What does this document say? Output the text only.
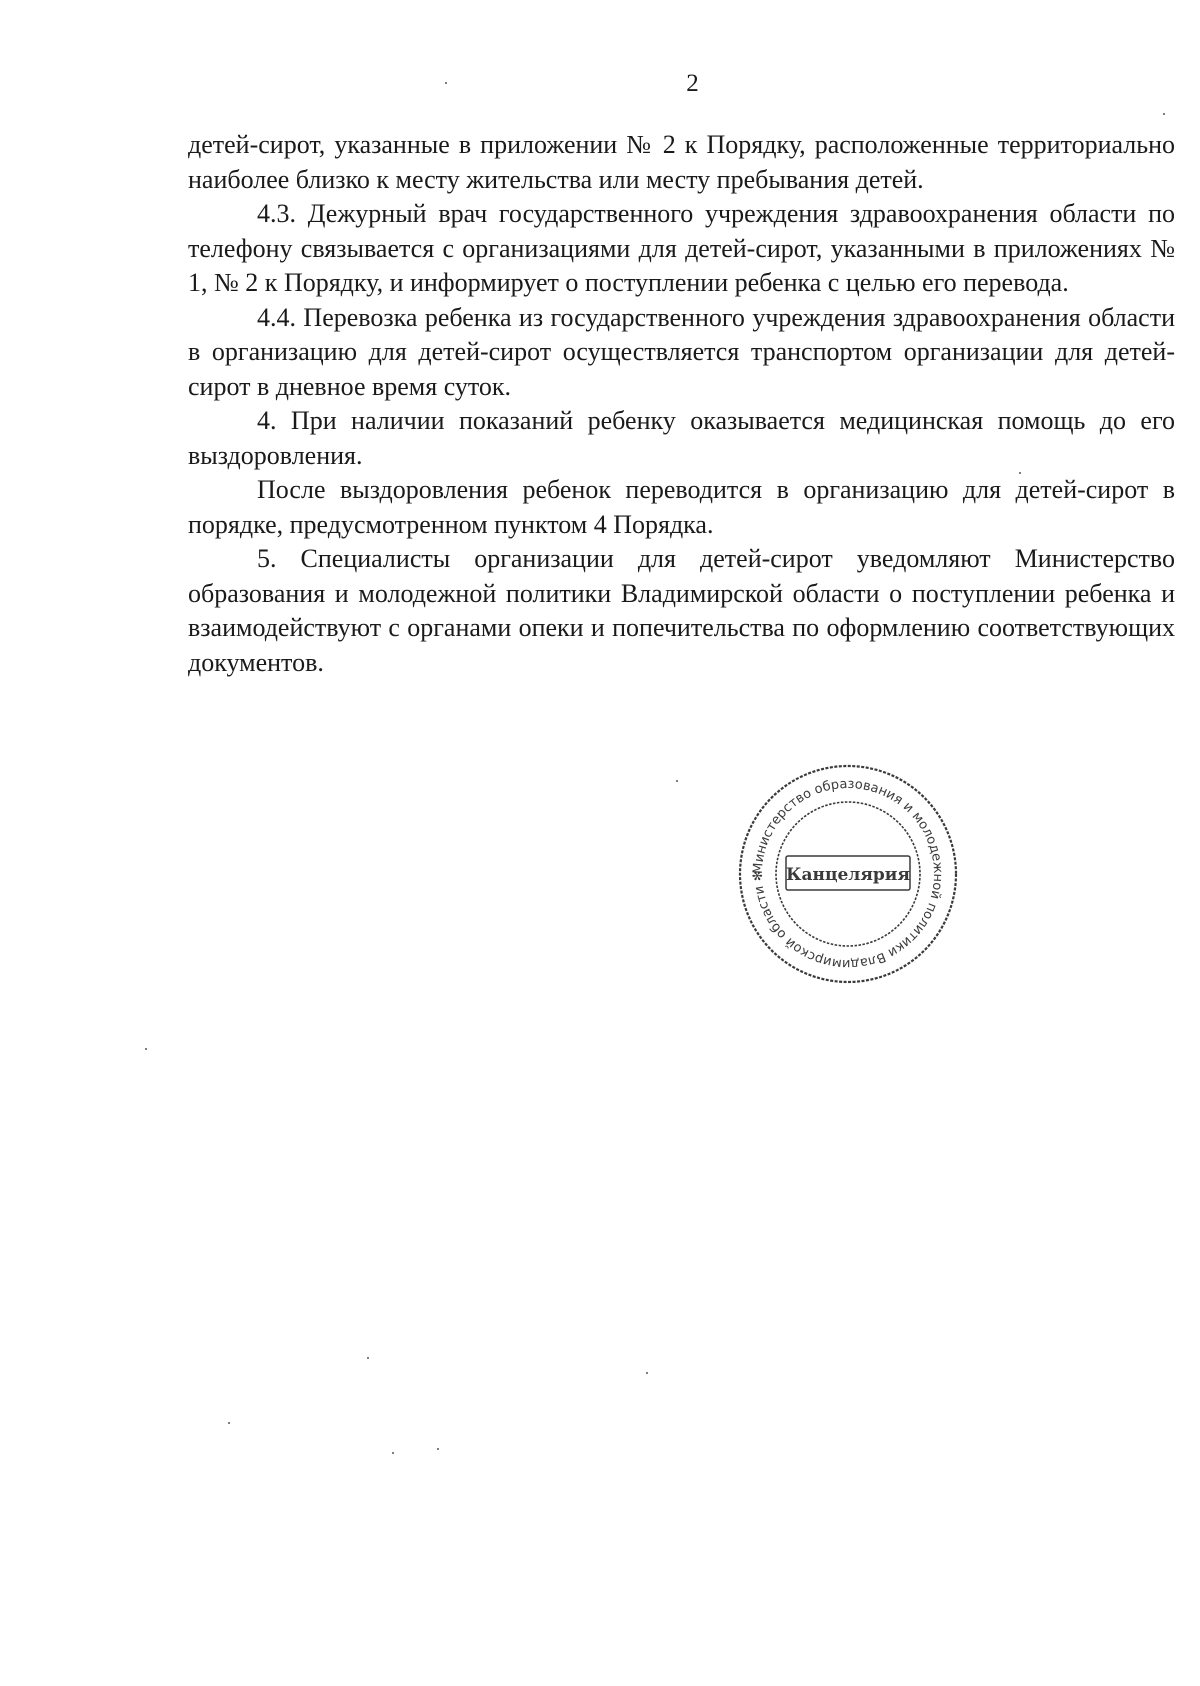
2

детей-сирот, указанные в приложении № 2 к Порядку, расположенные территориально наиболее близко к месту жительства или месту пребывания детей.

4.3. Дежурный врач государственного учреждения здравоохранения области по телефону связывается с организациями для детей-сирот, указанными в приложениях № 1, № 2 к Порядку, и информирует о поступлении ребенка с целью его перевода.

4.4. Перевозка ребенка из государственного учреждения здравоохранения области в организацию для детей-сирот осуществляется транспортом организации для детей-сирот в дневное время суток.

4. При наличии показаний ребенку оказывается медицинская помощь до его выздоровления.

После выздоровления ребенок переводится в организацию для детей-сирот в порядке, предусмотренном пунктом 4 Порядка.

5. Специалисты организации для детей-сирот уведомляют Министерство образования и молодежной политики Владимирской области о поступлении ребенка и взаимодействуют с органами опеки и попечительства по оформлению соответствующих документов.

Министерство образования и молодежной политики Владимирской области ✻	Канцелярия
